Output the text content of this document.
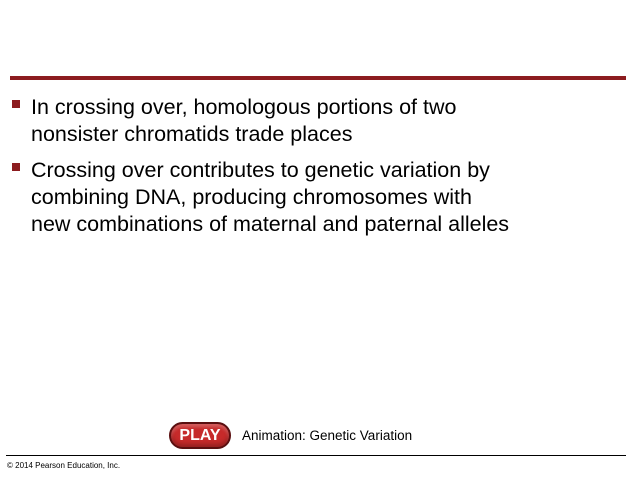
In crossing over, homologous portions of two
nonsister chromatids trade places
Crossing over contributes to genetic variation by
combining DNA, producing chromosomes with
new combinations of maternal and paternal alleles
PLAY	Animation: Genetic Variation
© 2014 Pearson Education, Inc.
